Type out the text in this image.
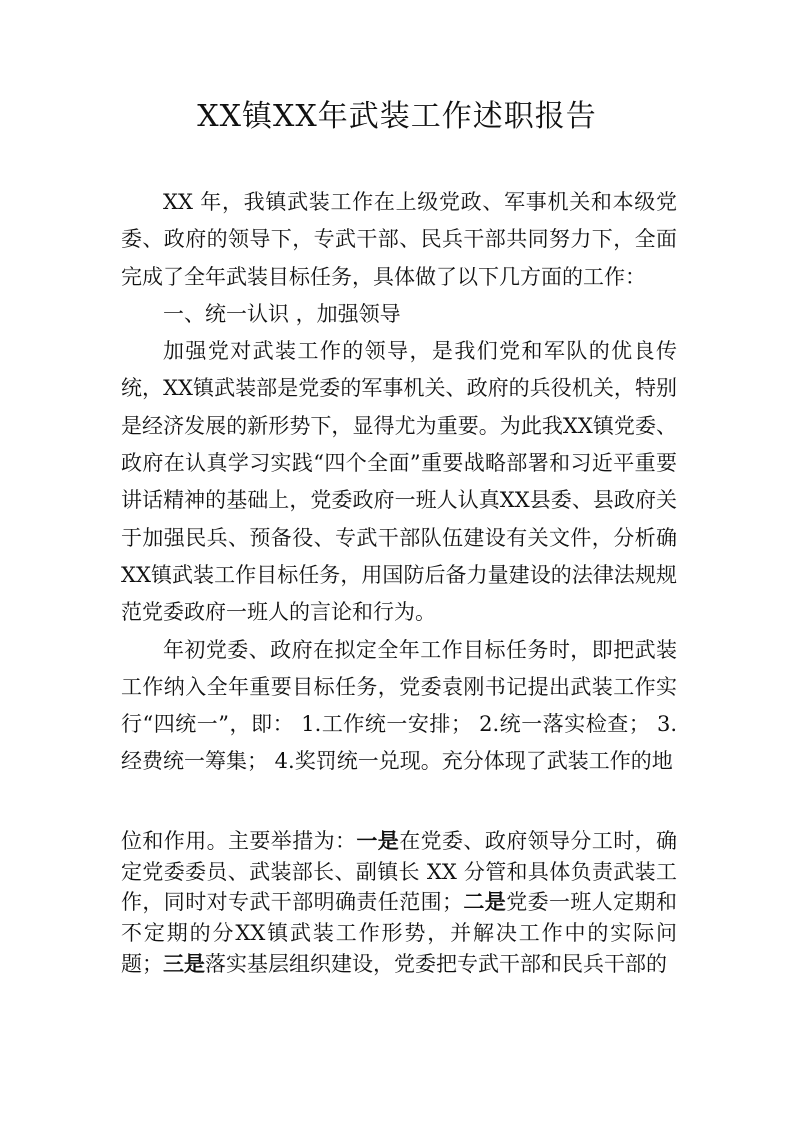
XX镇XX年武装工作述职报告

XX 年，我镇武装工作在上级党政、军事机关和本级党委、政府的领导下，专武干部、民兵干部共同努力下，全面完成了全年武装目标任务，具体做了以下几方面的工作：

一、统一认识 ，加强领导

加强党对武装工作的领导，是我们党和军队的优良传统，XX镇武装部是党委的军事机关、政府的兵役机关，特别是经济发展的新形势下，显得尤为重要。为此我XX镇党委、政府在认真学习实践“四个全面”重要战略部署和习近平重要讲话精神的基础上，党委政府一班人认真XX县委、县政府关于加强民兵、预备役、专武干部队伍建设有关文件，分析确XX镇武装工作目标任务，用国防后备力量建设的法律法规规范党委政府一班人的言论和行为。

年初党委、政府在拟定全年工作目标任务时，即把武装工作纳入全年重要目标任务，党委袁刚书记提出武装工作实行“四统一”，即： 1.工作统一安排； 2.统一落实检查； 3.经费统一筹集； 4.奖罚统一兑现。充分体现了武装工作的地

位和作用。主要举措为：一是在党委、政府领导分工时，确定党委委员、武装部长、副镇长 XX 分管和具体负责武装工作，同时对专武干部明确责任范围；二是党委一班人定期和不定期的分XX镇武装工作形势，并解决工作中的实际问 题；三是落实基层组织建设，党委把专武干部和民兵干部的
